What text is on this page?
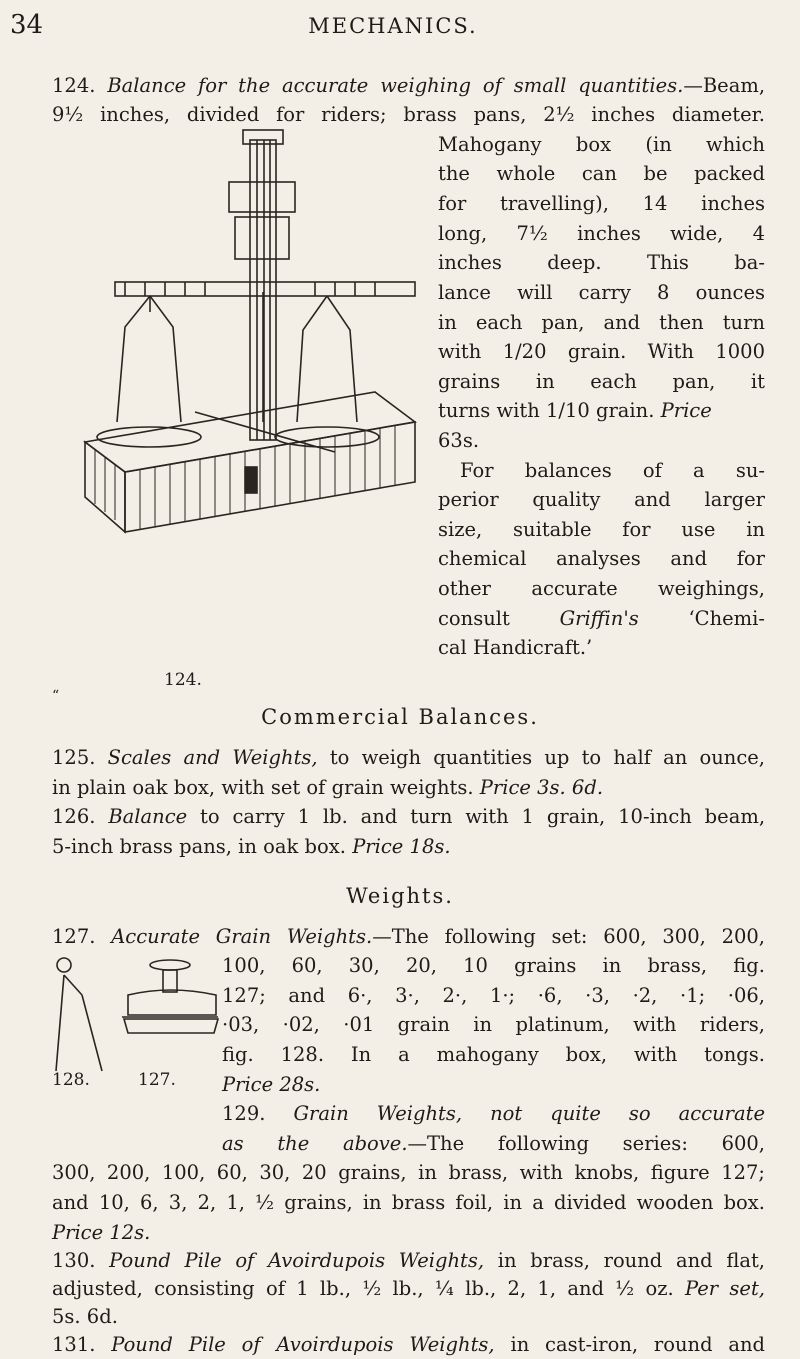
34	MECHANICS.

124. Balance for the accurate weighing of small quantities.—Beam,

9½ inches, divided for riders; brass pans, 2½ inches diameter.

Mahogany box (in which

the whole can be packed

for travelling), 14 inches

long, 7½ inches wide, 4

inches deep. This ba-

lance will carry 8 ounces

in each pan, and then turn

with 1/20 grain. With 1000

grains in each pan, it

turns with 1/10 grain. Price

63s.

For balances of a su-

perior quality and larger

size, suitable for use in

chemical analyses and for

other accurate weighings,

consult	Griffin's	‘Chemi-

cal Handicraft.’

124.
“
Commercial Balances.

125. Scales and Weights, to weigh quantities up to half an ounce,

in plain oak box, with set of grain weights. Price 3s. 6d.

126. Balance to carry 1 lb. and turn with 1 grain, 10-inch beam,

5-inch brass pans, in oak box. Price 18s.

Weights.

127. Accurate Grain Weights.—The following set: 600, 300, 200,

100, 60, 30, 20, 10 grains in brass, fig.

127; and 6·, 3·, 2·, 1·; ·6, ·3, ·2, ·1; ·06,

·03, ·02, ·01 grain in platinum, with riders,

fig. 128. In a mahogany box, with tongs.

Price 28s.

128.	127.

129. Grain Weights, not quite so accurate

as the above.—The following series: 600,

300, 200, 100, 60, 30, 20 grains, in brass, with knobs, figure 127;

and 10, 6, 3, 2, 1, ½ grains, in brass foil, in a divided wooden box.

Price 12s.

130. Pound Pile of Avoirdupois Weights, in brass, round and flat,

adjusted, consisting of 1 lb., ½ lb., ¼ lb., 2, 1, and ½ oz. Per set,

5s. 6d.

131. Pound Pile of Avoirdupois Weights, in cast-iron, round and
